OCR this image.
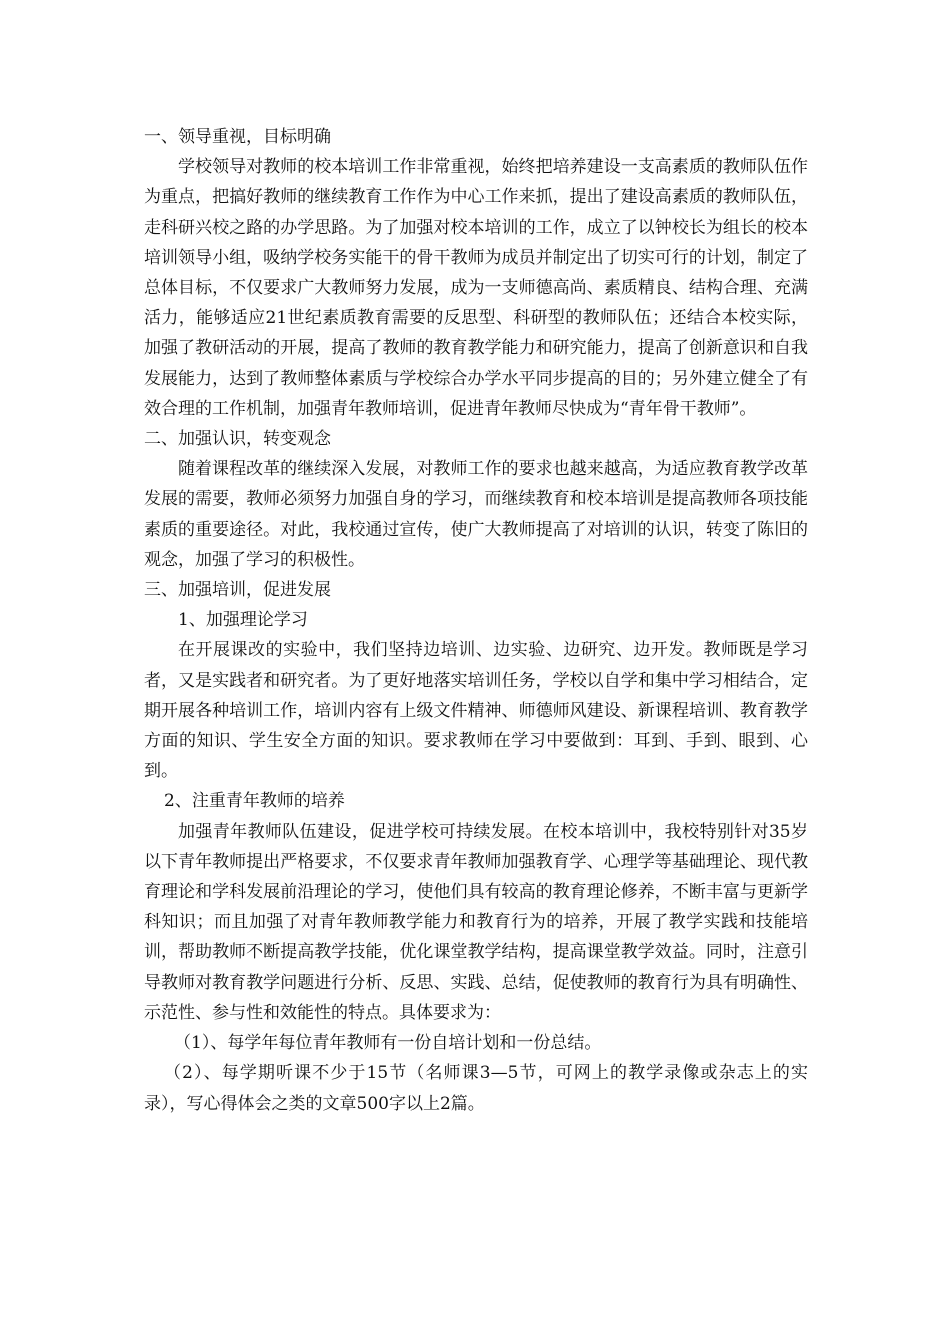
一、领导重视，目标明确

学校领导对教师的校本培训工作非常重视，始终把培养建设一支高素质的教师队伍作为重点，把搞好教师的继续教育工作作为中心工作来抓，提出了建设高素质的教师队伍，走科研兴校之路的办学思路。为了加强对校本培训的工作，成立了以钟校长为组长的校本培训领导小组，吸纳学校务实能干的骨干教师为成员并制定出了切实可行的计划，制定了总体目标，不仅要求广大教师努力发展，成为一支师德高尚、素质精良、结构合理、充满活力，能够适应21世纪素质教育需要的反思型、科研型的教师队伍；还结合本校实际，加强了教研活动的开展，提高了教师的教育教学能力和研究能力，提高了创新意识和自我发展能力，达到了教师整体素质与学校综合办学水平同步提高的目的；另外建立健全了有效合理的工作机制，加强青年教师培训，促进青年教师尽快成为“青年骨干教师”。

二、加强认识，转变观念

随着课程改革的继续深入发展，对教师工作的要求也越来越高，为适应教育教学改革发展的需要，教师必须努力加强自身的学习，而继续教育和校本培训是提高教师各项技能素质的重要途径。对此，我校通过宣传，使广大教师提高了对培训的认识，转变了陈旧的观念，加强了学习的积极性。

三、加强培训，促进发展

1、加强理论学习

在开展课改的实验中，我们坚持边培训、边实验、边研究、边开发。教师既是学习者，又是实践者和研究者。为了更好地落实培训任务，学校以自学和集中学习相结合，定期开展各种培训工作，培训内容有上级文件精神、师德师风建设、新课程培训、教育教学方面的知识、学生安全方面的知识。要求教师在学习中要做到：耳到、手到、眼到、心到。

2、注重青年教师的培养

加强青年教师队伍建设，促进学校可持续发展。在校本培训中，我校特别针对35岁以下青年教师提出严格要求，不仅要求青年教师加强教育学、心理学等基础理论、现代教育理论和学科发展前沿理论的学习，使他们具有较高的教育理论修养，不断丰富与更新学科知识；而且加强了对青年教师教学能力和教育行为的培养，开展了教学实践和技能培训，帮助教师不断提高教学技能，优化课堂教学结构，提高课堂教学效益。同时，注意引导教师对教育教学问题进行分析、反思、实践、总结，促使教师的教育行为具有明确性、示范性、参与性和效能性的特点。具体要求为：

（1）、每学年每位青年教师有一份自培计划和一份总结。

（2）、每学期听课不少于15节（名师课3—5节，可网上的教学录像或杂志上的实录），写心得体会之类的文章500字以上2篇。
